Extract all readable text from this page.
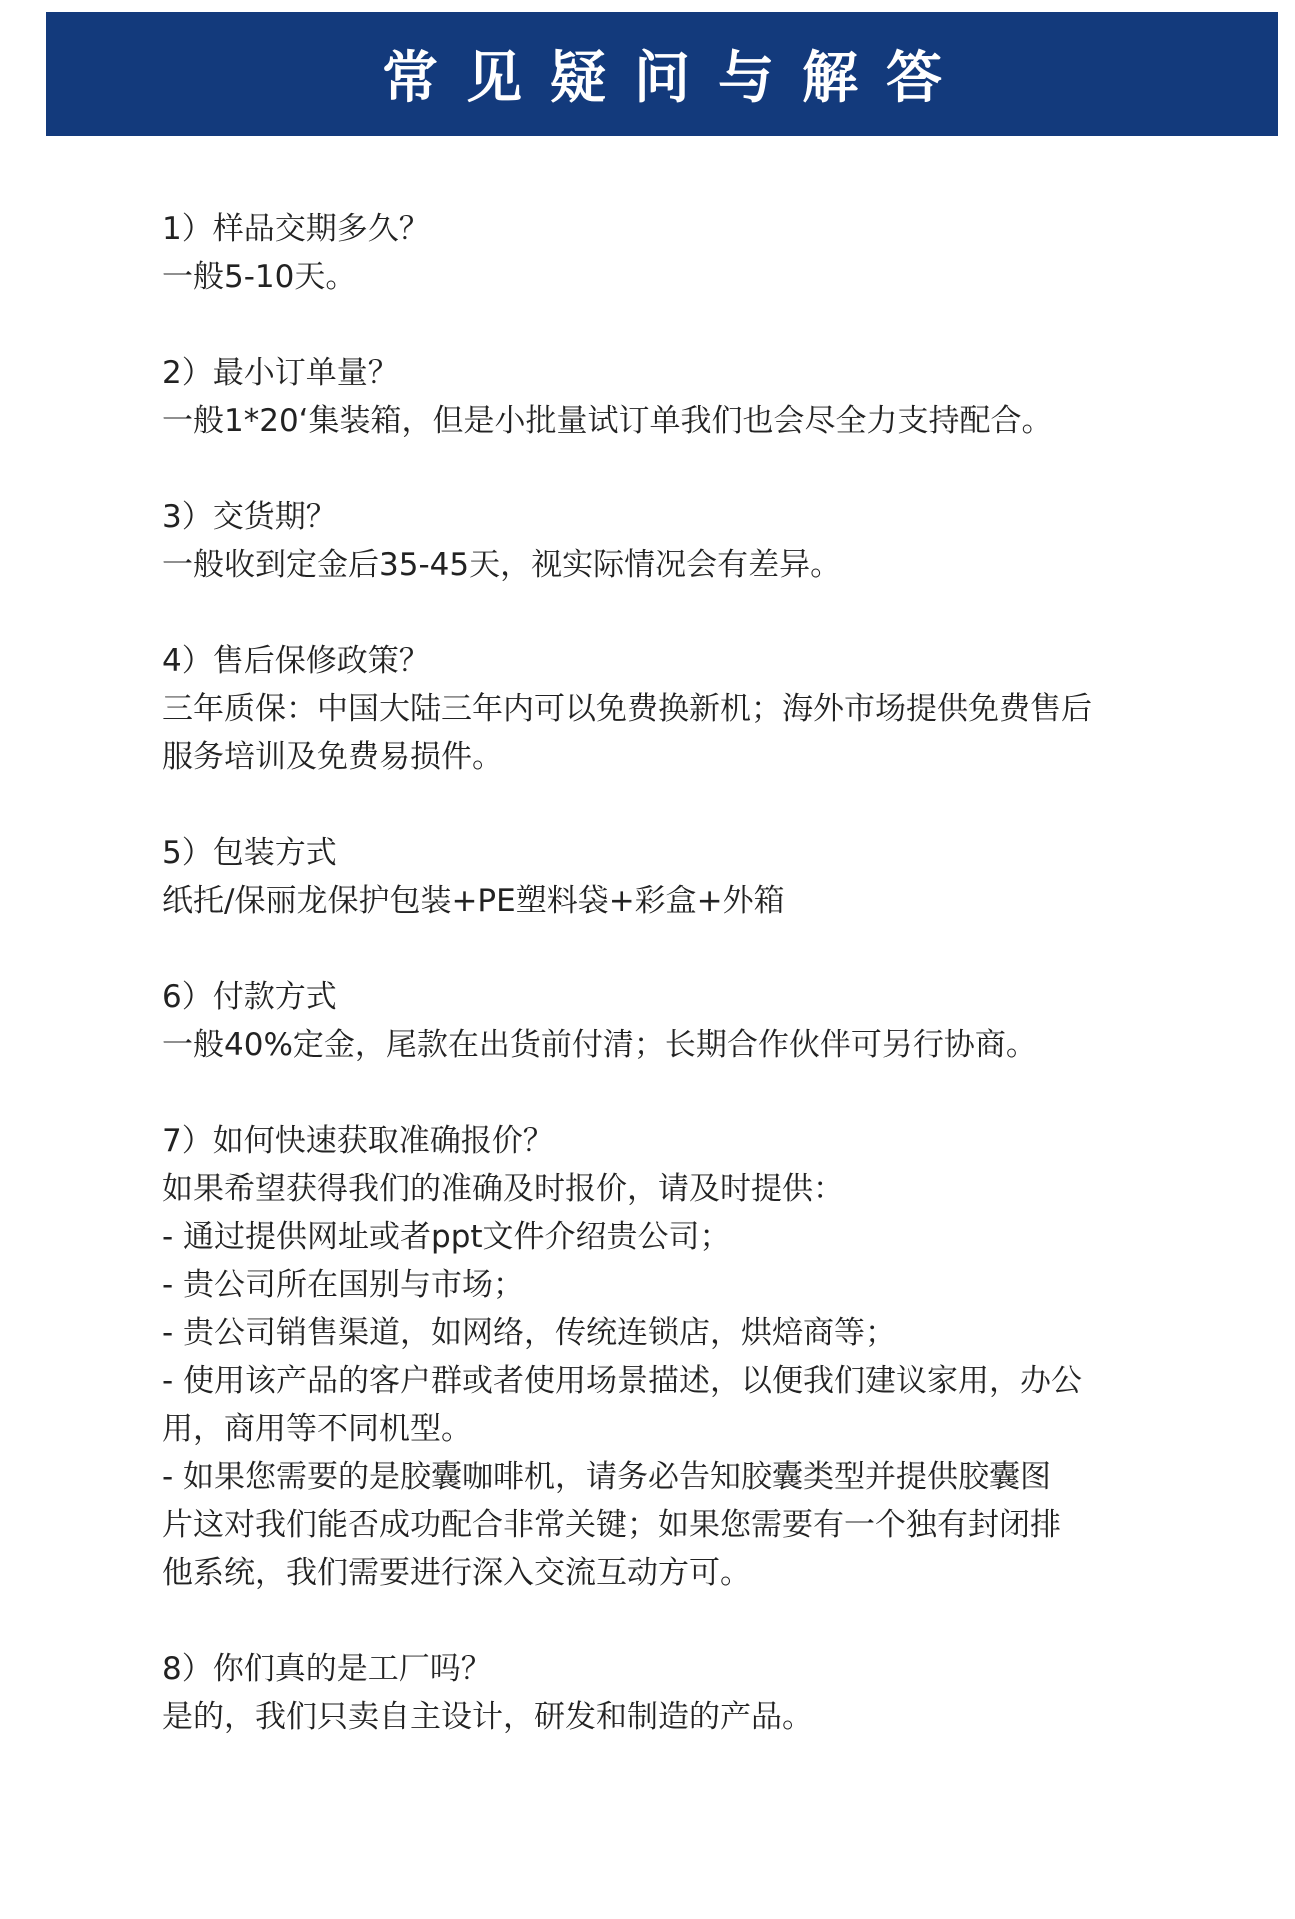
常见疑问与解答

1）样品交期多久？

一般5-10天。

2）最小订单量？

一般1*20‘集装箱，但是小批量试订单我们也会尽全力支持配合。

3）交货期？

一般收到定金后35-45天，视实际情况会有差异。

4）售后保修政策？

三年质保：中国大陆三年内可以免费换新机；海外市场提供免费售后

服务培训及免费易损件。

5）包装方式

纸托/保丽龙保护包装+PE塑料袋+彩盒+外箱

6）付款方式

一般40%定金，尾款在出货前付清；长期合作伙伴可另行协商。

7）如何快速获取准确报价？

如果希望获得我们的准确及时报价，请及时提供：

- 通过提供网址或者ppt文件介绍贵公司；

- 贵公司所在国别与市场；

- 贵公司销售渠道，如网络，传统连锁店，烘焙商等；

- 使用该产品的客户群或者使用场景描述，以便我们建议家用，办公

用，商用等不同机型。

- 如果您需要的是胶囊咖啡机，请务必告知胶囊类型并提供胶囊图

片这对我们能否成功配合非常关键；如果您需要有一个独有封闭排

他系统，我们需要进行深入交流互动方可。

8）你们真的是工厂吗？

是的，我们只卖自主设计，研发和制造的产品。
